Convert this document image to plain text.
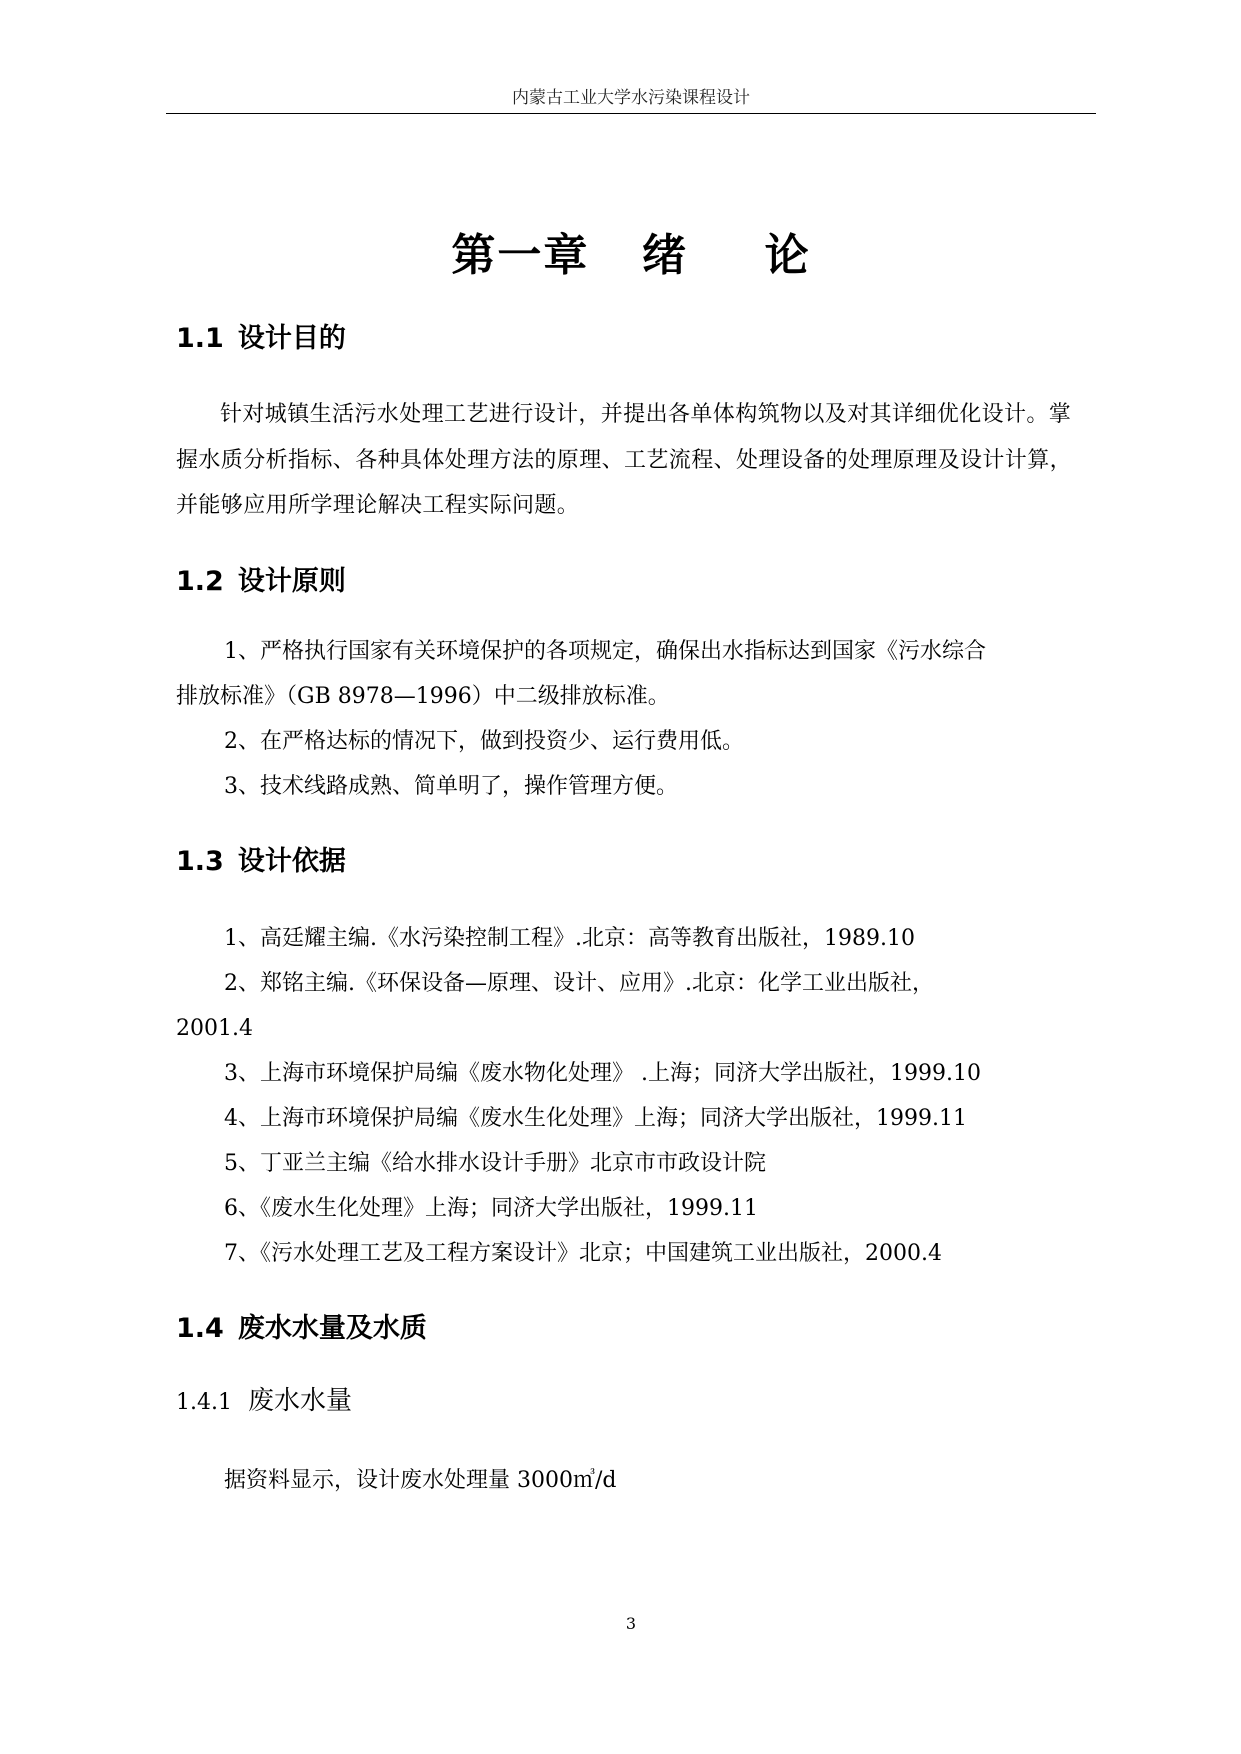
内蒙古工业大学水污染课程设计
第一章 绪 论
1.1 设计目的
针对城镇生活污水处理工艺进行设计，并提出各单体构筑物以及对其详细优化设计。掌握水质分析指标、各种具体处理方法的原理、工艺流程、处理设备的处理原理及设计计算，并能够应用所学理论解决工程实际问题。
1.2 设计原则
1、严格执行国家有关环境保护的各项规定，确保出水指标达到国家《污水综合
排放标准》（GB 8978—1996）中二级排放标准。
2、在严格达标的情况下，做到投资少、运行费用低。
3、技术线路成熟、简单明了，操作管理方便。
1.3 设计依据
1、高廷耀主编.《水污染控制工程》.北京：高等教育出版社，1989.10
2、郑铭主编.《环保设备—原理、设计、应用》.北京：化学工业出版社，
2001.4
3、上海市环境保护局编《废水物化处理》 .上海；同济大学出版社，1999.10
4、上海市环境保护局编《废水生化处理》上海；同济大学出版社，1999.11
5、丁亚兰主编《给水排水设计手册》北京市市政设计院
6、《废水生化处理》上海；同济大学出版社，1999.11
7、《污水处理工艺及工程方案设计》北京；中国建筑工业出版社，2000.4
1.4 废水水量及水质
1.4.1 废水水量
据资料显示，设计废水处理量 3000㎥/d
3
